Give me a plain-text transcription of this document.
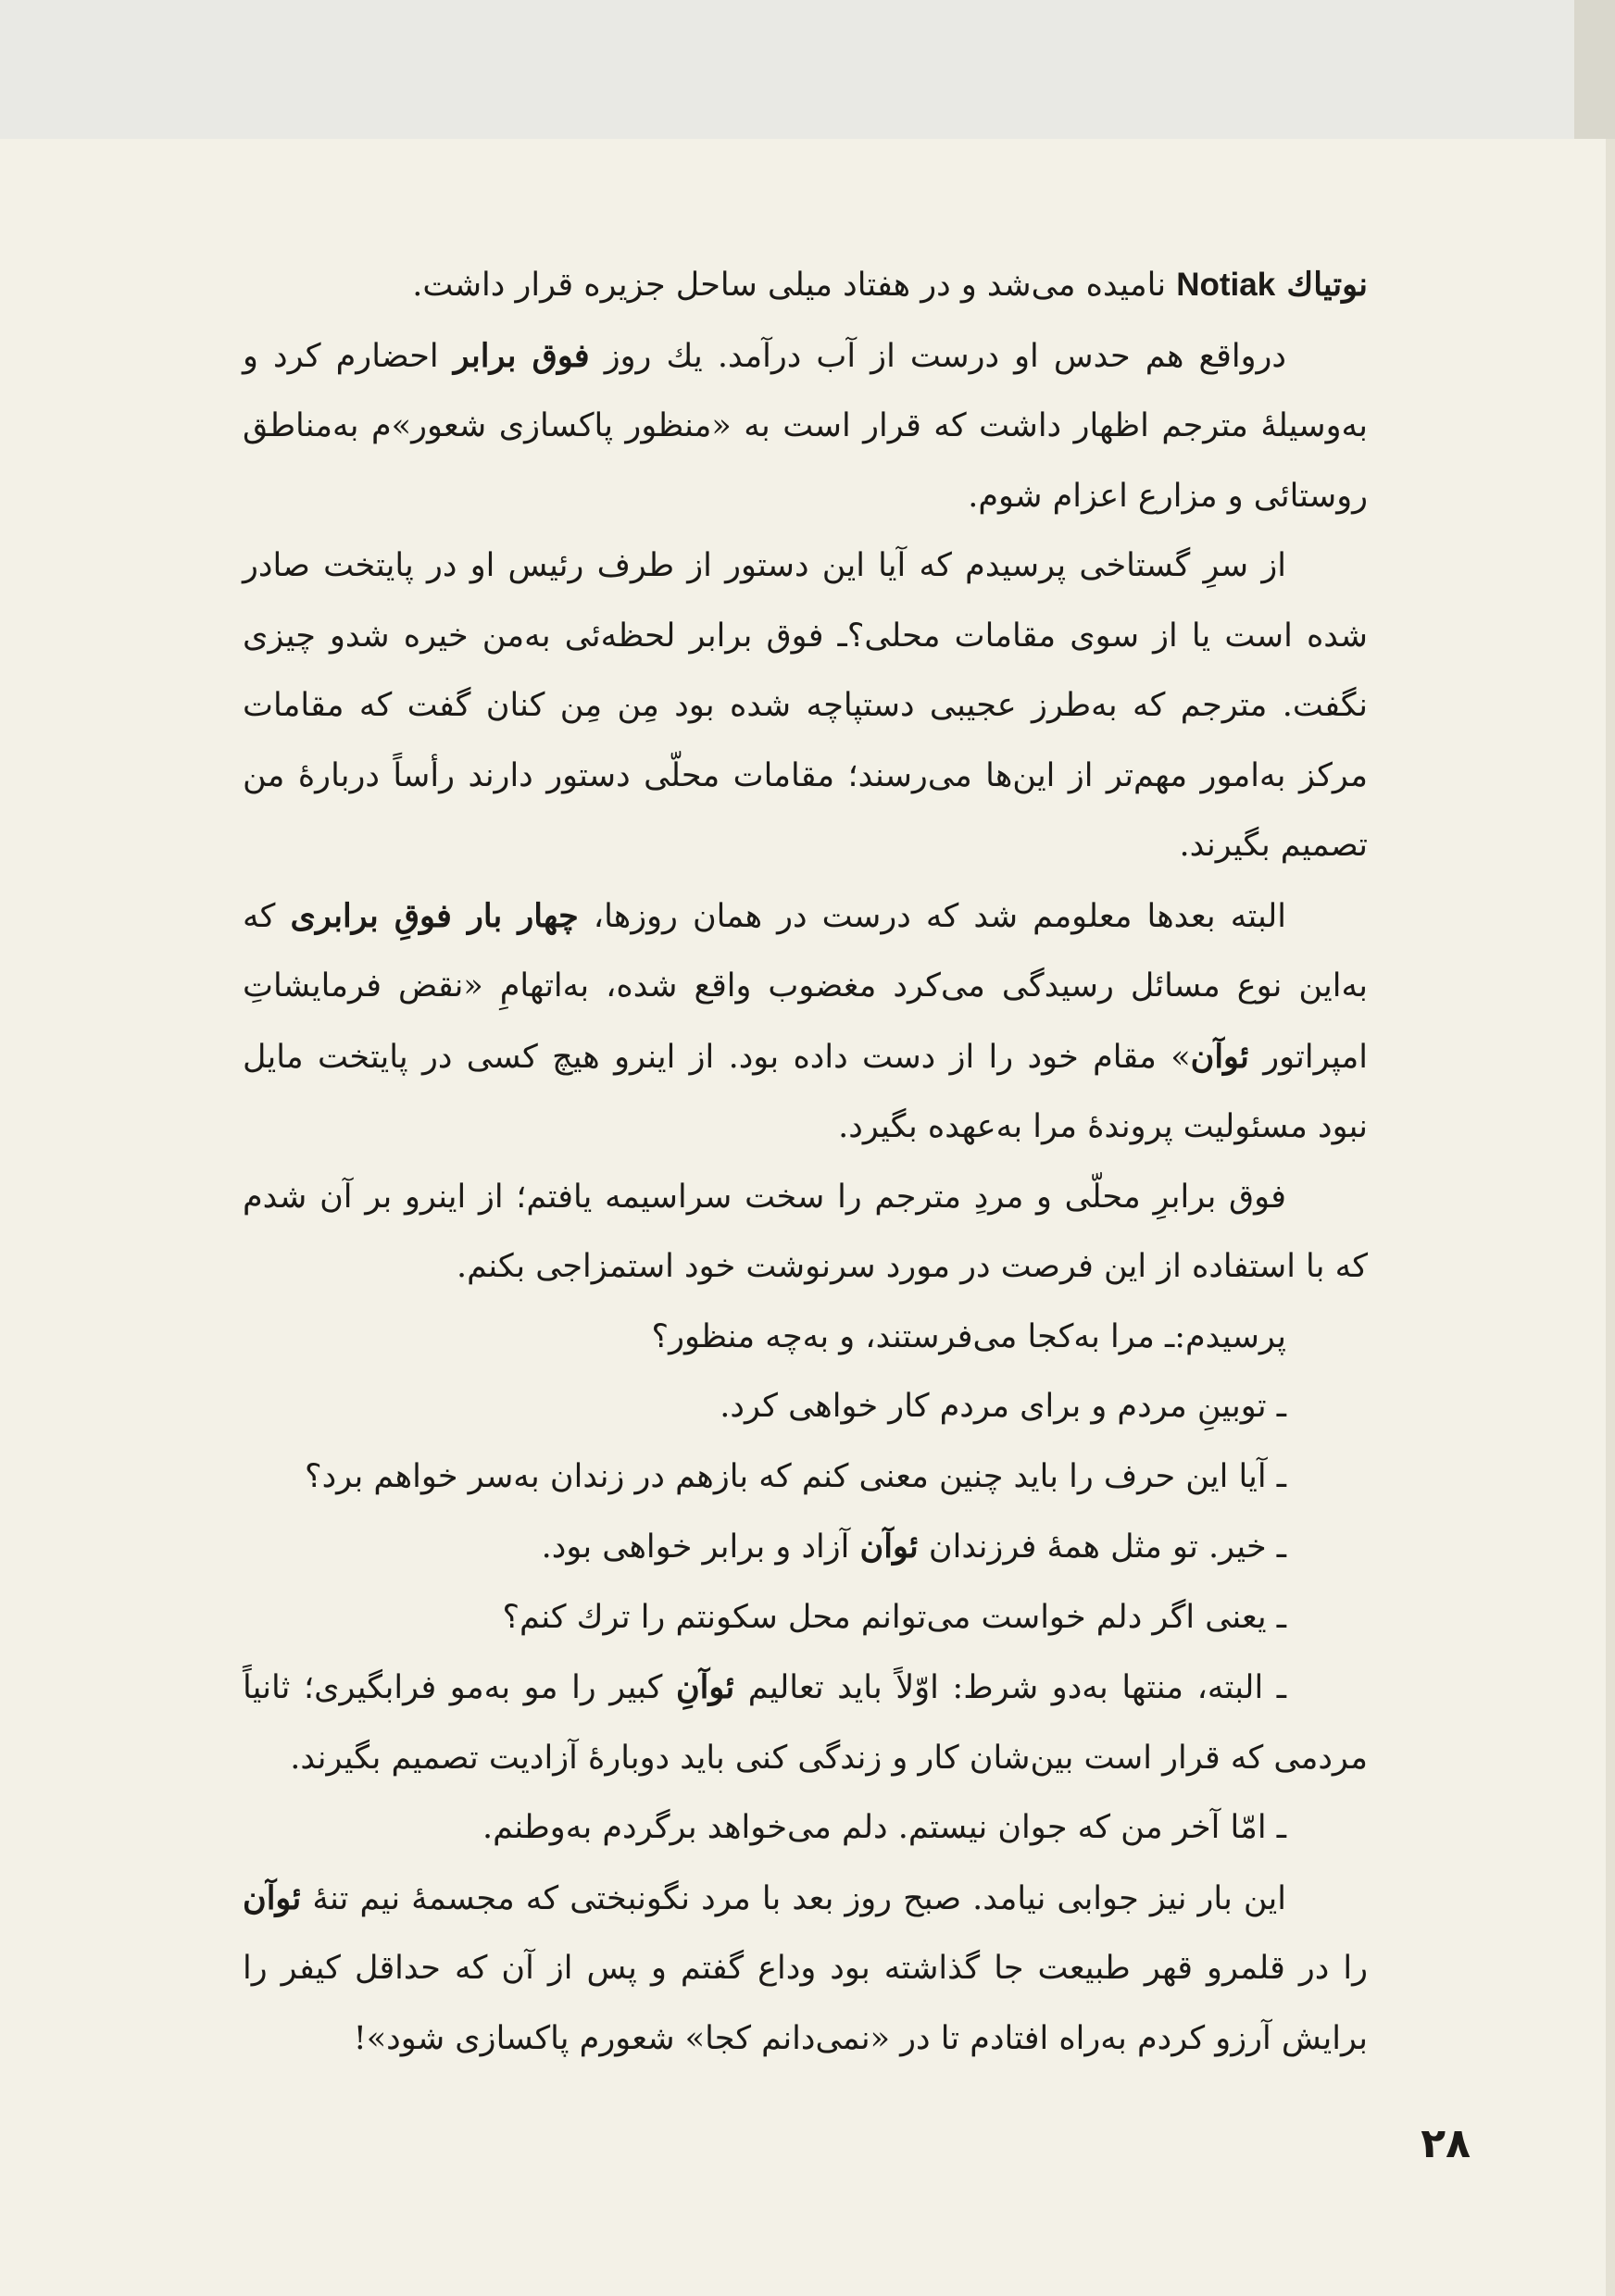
نوتیاك Notiak نامیده می‌شد و در هفتاد میلی ساحل جزیره قرار داشت.

درواقع هم حدس او درست از آب درآمد. یك روز فوق برابر احضارم کرد و به‌وسیلهٔ مترجم اظهار داشت که قرار است به «منظور پاکسازی شعور»م به‌مناطق روستائی و مزارع اعزام شوم.

از سرِ گستاخی پرسیدم که آیا این دستور از طرف رئیس او در پایتخت صادر شده است یا از سوی مقامات محلی؟ـ فوق برابر لحظه‌ئی به‌من خیره شدو چیزی نگفت. مترجم که به‌طرز عجیبی دستپاچه شده بود مِن مِن کنان گفت که مقامات مرکز به‌امور مهم‌تر از این‌ها می‌رسند؛ مقامات محلّی دستور دارند رأساً دربارهٔ من تصمیم بگیرند.

البته بعدها معلومم شد که درست در همان روزها، چهار بار فوقِ برابری که به‌این نوع مسائل رسیدگی می‌کرد مغضوب واقع شده، به‌اتهامِ «نقض فرمایشاتِ امپراتور ئوآن» مقام خود را از دست داده بود. از اینرو هیچ کسی در پایتخت مایل نبود مسئولیت پروندهٔ مرا به‌عهده بگیرد.

فوق برابرِ محلّی و مردِ مترجم را سخت سراسیمه یافتم؛ از اینرو بر آن شدم که با استفاده از این فرصت در مورد سرنوشت خود استمزاجی بکنم.

پرسیدم:ـ مرا به‌کجا می‌فرستند، و به‌چه منظور؟

ـ توبینِ مردم و برای مردم کار خواهی کرد.

ـ آیا این حرف را باید چنین معنی کنم که بازهم در زندان به‌سر خواهم برد؟

ـ خیر. تو مثل همهٔ فرزندان ئوآن آزاد و برابر خواهی بود.

ـ یعنی اگر دلم خواست می‌توانم محل سکونتم را ترك کنم؟

ـ البته، منتها به‌دو شرط: اوّلاً باید تعالیم ئوآنِ کبیر را مو به‌مو فرابگیری؛ ثانیاً مردمی که قرار است بین‌شان کار و زندگی کنی باید دوبارهٔ آزادیت تصمیم بگیرند.

ـ امّا آخر من که جوان نیستم. دلم می‌خواهد برگردم به‌وطنم.

این بار نیز جوابی نیامد. صبح روز بعد با مرد نگونبختی که مجسمهٔ نیم تنهٔ ئوآن را در قلمرو قهر طبیعت جا گذاشته بود وداع گفتم و پس از آن که حداقل کیفر را برایش آرزو کردم به‌راه افتادم تا در «نمی‌دانم کجا» شعورم پاکسازی شود»!

۲۸
